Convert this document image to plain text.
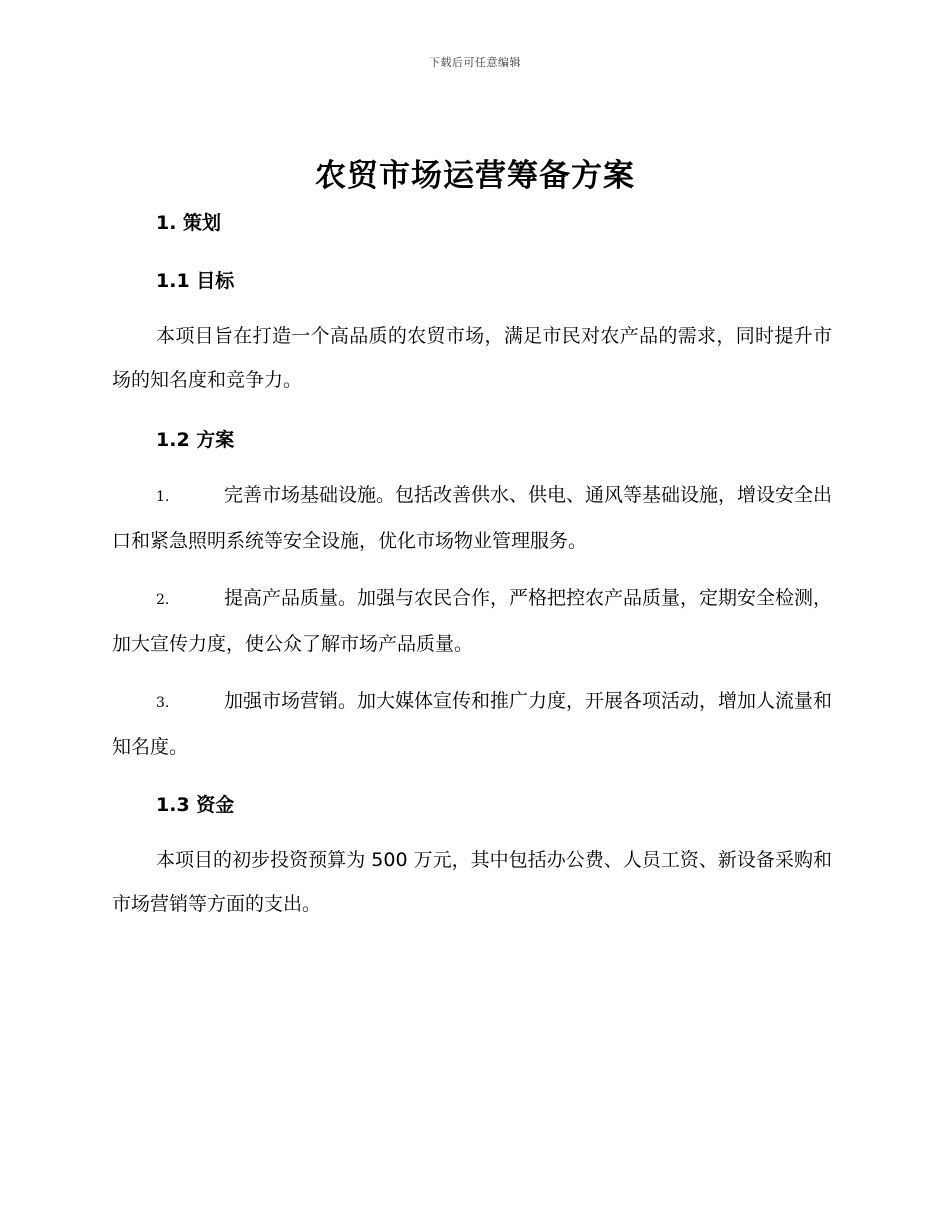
下载后可任意编辑
农贸市场运营筹备方案
1. 策划
1.1 目标

本项目旨在打造一个高品质的农贸市场，满足市民对农产品的需求，同时提升市场的知名度和竞争力。

1.2 方案

1.	完善市场基础设施。包括改善供水、供电、通风等基础设施，增设安全出口和紧急照明系统等安全设施，优化市场物业管理服务。

2.	提高产品质量。加强与农民合作，严格把控农产品质量，定期安全检测，加大宣传力度，使公众了解市场产品质量。

3.	加强市场营销。加大媒体宣传和推广力度，开展各项活动，增加人流量和知名度。

1.3 资金

本项目的初步投资预算为 500 万元，其中包括办公费、人员工资、新设备采购和市场营销等方面的支出。
